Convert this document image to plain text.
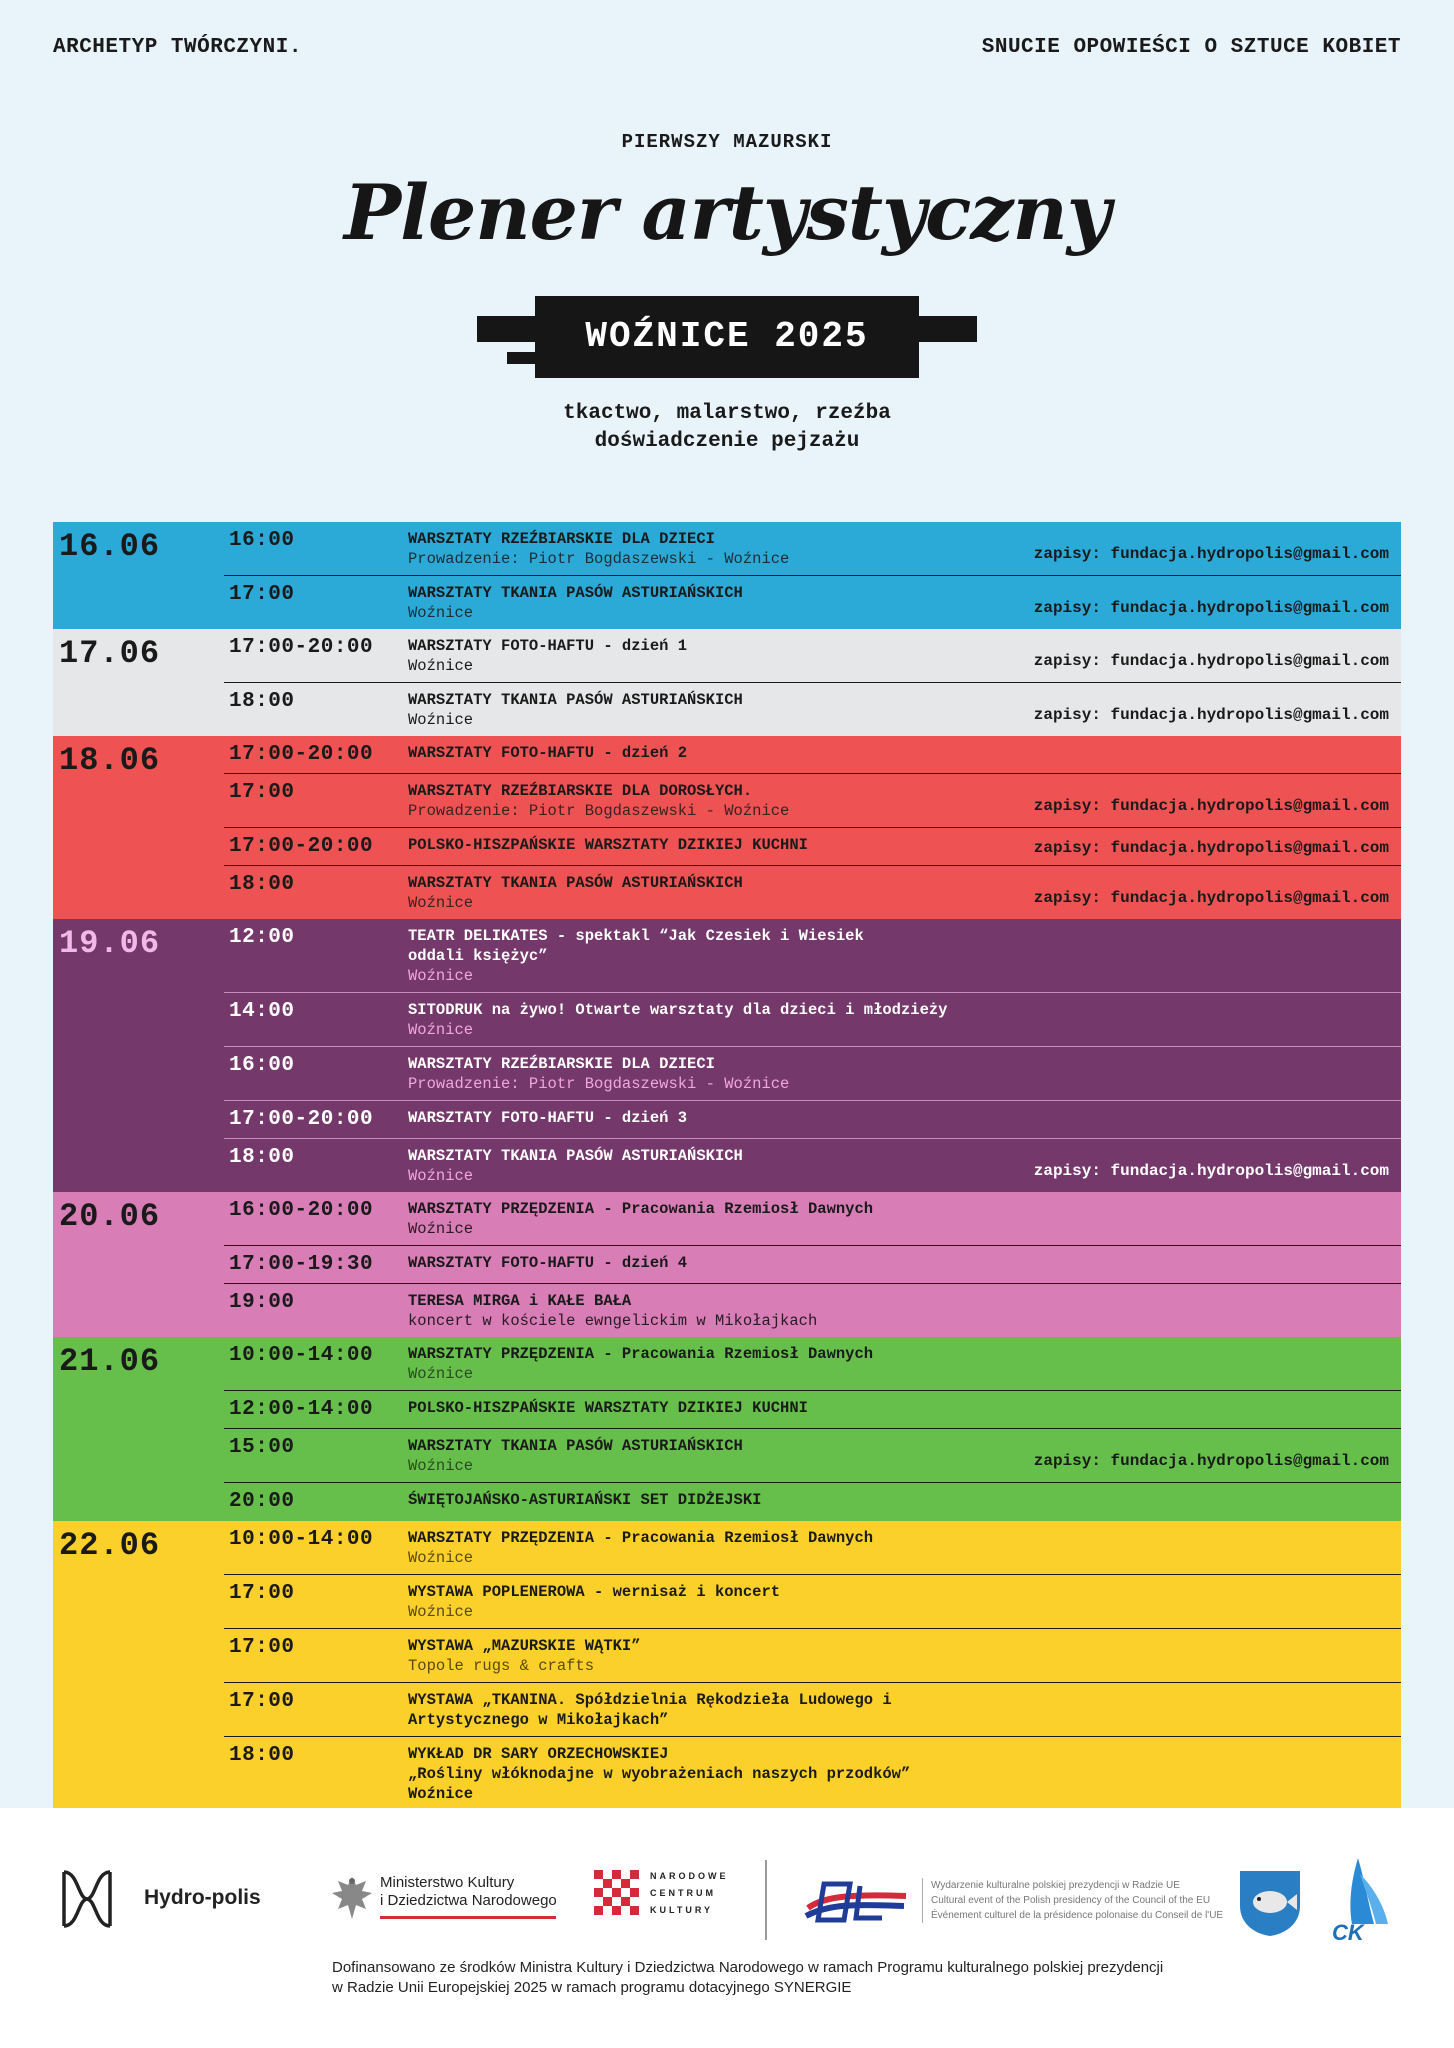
ARCHETYP TWÓRCZYNI.	SNUCIE OPOWIEŚCI O SZTUCE KOBIET
PIERWSZY MAZURSKI
Plener artystyczny
WOŹNICE 2025
tkactwo, malarstwo, rzeźba
doświadczenie pejzażu
16.06	16:00	WARSZTATY RZEŹBIARSKIE DLA DZIECI
Prowadzenie: Piotr Bogdaszewski - Woźnice	zapisy: fundacja.hydropolis@gmail.com
17:00	WARSZTATY TKANIA PASÓW ASTURIAŃSKICH
Woźnice	zapisy: fundacja.hydropolis@gmail.com
17.06	17:00-20:00 WARSZTATY FOTO-HAFTU - dzień 1
Woźnice	zapisy: fundacja.hydropolis@gmail.com
18:00	WARSZTATY TKANIA PASÓW ASTURIAŃSKICH
Woźnice	zapisy: fundacja.hydropolis@gmail.com
18.06	17:00-20:00 WARSZTATY FOTO-HAFTU - dzień 2
17:00	WARSZTATY RZEŹBIARSKIE DLA DOROSŁYCH.
Prowadzenie: Piotr Bogdaszewski - Woźnice	zapisy: fundacja.hydropolis@gmail.com
17:00-20:00 POLSKO-HISZPAŃSKIE WARSZTATY DZIKIEJ KUCHNI	zapisy: fundacja.hydropolis@gmail.com
18:00	WARSZTATY TKANIA PASÓW ASTURIAŃSKICH
Woźnice	zapisy: fundacja.hydropolis@gmail.com
19.06	12:00	TEATR DELIKATES - spektakl “Jak Czesiek i Wiesiek oddali księżyc”
Woźnice
14:00	SITODRUK na żywo! Otwarte warsztaty dla dzieci i młodzieży
Woźnice
16:00	WARSZTATY RZEŹBIARSKIE DLA DZIECI
Prowadzenie: Piotr Bogdaszewski - Woźnice
17:00-20:00 WARSZTATY FOTO-HAFTU - dzień 3
18:00	WARSZTATY TKANIA PASÓW ASTURIAŃSKICH
Woźnice	zapisy: fundacja.hydropolis@gmail.com
20.06	16:00-20:00 WARSZTATY PRZĘDZENIA - Pracowania Rzemiosł Dawnych
Woźnice
17:00-19:30 WARSZTATY FOTO-HAFTU - dzień 4
19:00	TERESA MIRGA i KAŁE BAŁA
koncert w kościele ewngelickim w Mikołajkach
21.06	10:00-14:00 WARSZTATY PRZĘDZENIA - Pracowania Rzemiosł Dawnych
Woźnice
12:00-14:00 POLSKO-HISZPAŃSKIE WARSZTATY DZIKIEJ KUCHNI
15:00	WARSZTATY TKANIA PASÓW ASTURIAŃSKICH
Woźnice	zapisy: fundacja.hydropolis@gmail.com
20:00	ŚWIĘTOJAŃSKO-ASTURIAŃSKI SET DIDŻEJSKI
22.06	10:00-14:00 WARSZTATY PRZĘDZENIA - Pracowania Rzemiosł Dawnych
Woźnice
17:00	WYSTAWA POPLENEROWA - wernisaż i koncert
Woźnice
17:00	WYSTAWA „MAZURSKIE WĄTKI”
Topole rugs & crafts
17:00	WYSTAWA „TKANINA. Spółdzielnia Rękodzieła Ludowego i Artystycznego w Mikołajkach”
18:00	WYKŁAD DR SARY ORZECHOWSKIEJ
„Rośliny włóknodajne w wyobrażeniach naszych przodków”
Woźnice
Hydro-polis
Ministerstwo Kultury
i Dziedzictwa Narodowego
NARODOWE
CENTRUM
KULTURY
Wydarzenie kulturalne polskiej prezydencji w Radzie UE
Cultural event of the Polish presidency of the Council of the EU
Événement culturel de la présidence polonaise du Conseil de l'UE
CK
Dofinansowano ze środków Ministra Kultury i Dziedzictwa Narodowego w ramach Programu kulturalnego polskiej prezydencji
w Radzie Unii Europejskiej 2025 w ramach programu dotacyjnego SYNERGIE
